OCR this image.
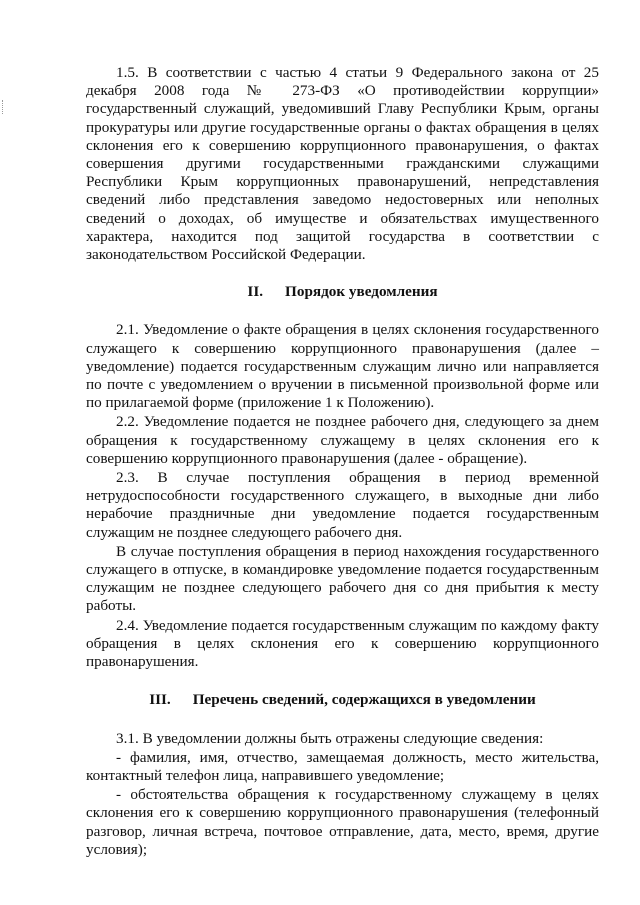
1.5. В соответствии с частью 4 статьи 9 Федерального закона от 25 декабря 2008 года № 273-ФЗ «О противодействии коррупции» государственный служащий, уведомивший Главу Республики Крым, органы прокуратуры или другие государственные органы о фактах обращения в целях склонения его к совершению коррупционного правонарушения, о фактах совершения другими государственными гражданскими служащими Республики Крым коррупционных правонарушений, непредставления сведений либо представления заведомо недостоверных или неполных сведений о доходах, об имуществе и обязательствах имущественного характера, находится под защитой государства в соответствии с законодательством Российской Федерации.

II. Порядок уведомления

2.1. Уведомление о факте обращения в целях склонения государственного служащего к совершению коррупционного правонарушения (далее – уведомление) подается государственным служащим лично или направляется по почте с уведомлением о вручении в письменной произвольной форме или по прилагаемой форме (приложение 1 к Положению).

2.2. Уведомление подается не позднее рабочего дня, следующего за днем обращения к государственному служащему в целях склонения его к совершению коррупционного правонарушения (далее - обращение).

2.3. В случае поступления обращения в период временной нетрудоспособности государственного служащего, в выходные дни либо нерабочие праздничные дни уведомление подается государственным служащим не позднее следующего рабочего дня.

В случае поступления обращения в период нахождения государственного служащего в отпуске, в командировке уведомление подается государственным служащим не позднее следующего рабочего дня со дня прибытия к месту работы.

2.4. Уведомление подается государственным служащим по каждому факту обращения в целях склонения его к совершению коррупционного правонарушения.

III. Перечень сведений, содержащихся в уведомлении

3.1. В уведомлении должны быть отражены следующие сведения:

- фамилия, имя, отчество, замещаемая должность, место жительства, контактный телефон лица, направившего уведомление;

- обстоятельства обращения к государственному служащему в целях склонения его к совершению коррупционного правонарушения (телефонный разговор, личная встреча, почтовое отправление, дата, место, время, другие условия);
